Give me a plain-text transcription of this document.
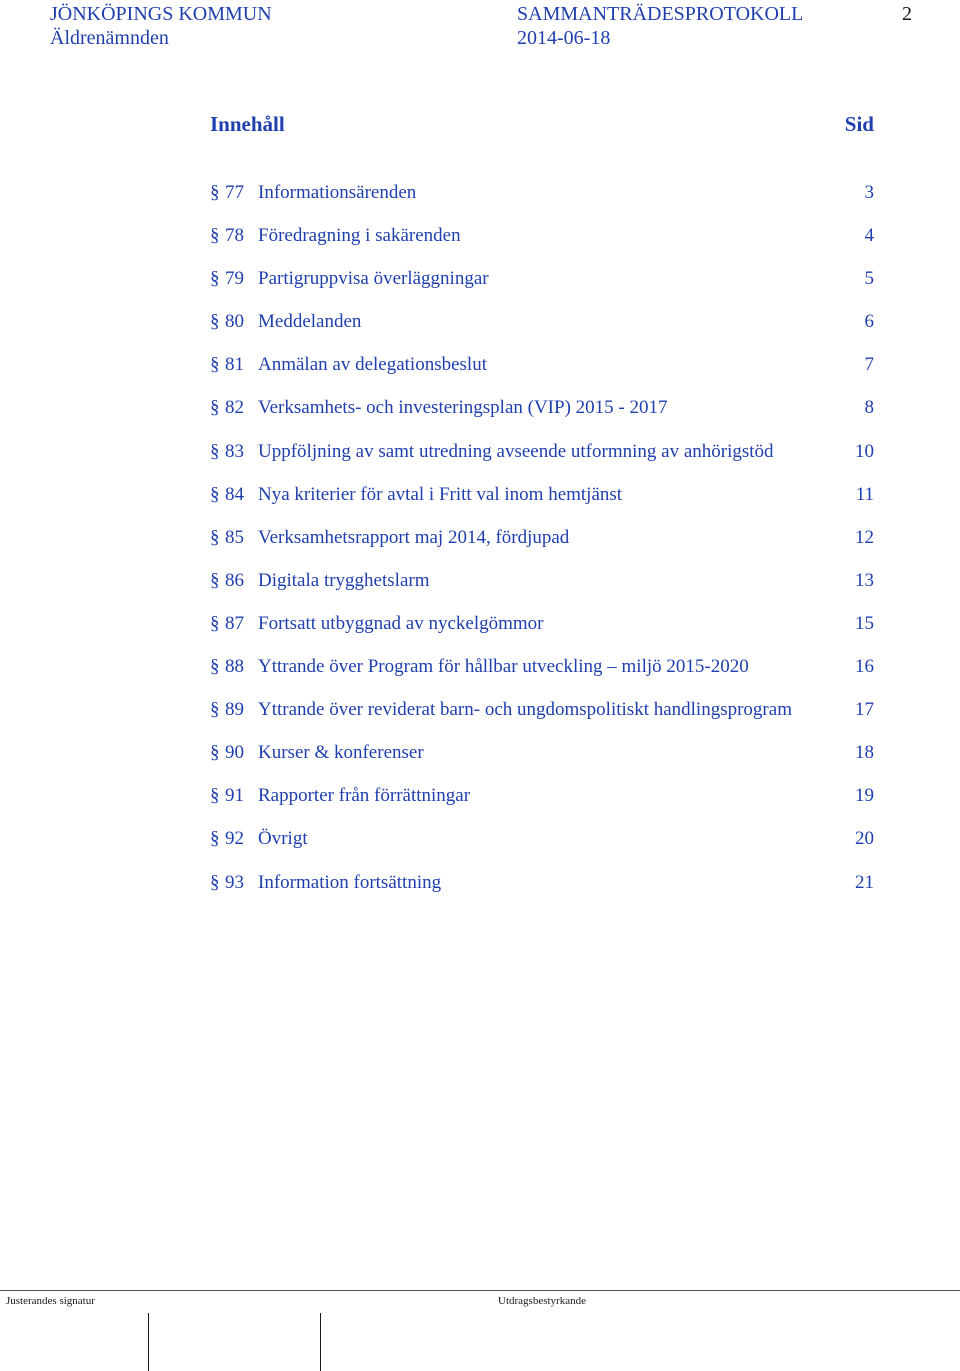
JÖNKÖPINGS KOMMUN	SAMMANTRÄDESPROTOKOLL	2
Äldrenämnden	2014-06-18
Innehåll	Sid
§ 77 Informationsärenden	3
§ 78 Föredragning i sakärenden	4
§ 79 Partigruppvisa överläggningar	5
§ 80 Meddelanden	6
§ 81 Anmälan av delegationsbeslut	7
§ 82 Verksamhets- och investeringsplan (VIP) 2015 - 2017	8
§ 83 Uppföljning av samt utredning avseende utformning av anhörigstöd	10
§ 84 Nya kriterier för avtal i Fritt val inom hemtjänst	11
§ 85 Verksamhetsrapport maj 2014, fördjupad	12
§ 86 Digitala trygghetslarm	13
§ 87 Fortsatt utbyggnad av nyckelgömmor	15
§ 88 Yttrande över Program för hållbar utveckling – miljö 2015-2020	16
§ 89 Yttrande över reviderat barn- och ungdomspolitiskt handlingsprogram	17
§ 90 Kurser & konferenser	18
§ 91 Rapporter från förrättningar	19
§ 92 Övrigt	20
§ 93 Information fortsättning	21
Justerandes signatur	Utdragsbestyrkande
